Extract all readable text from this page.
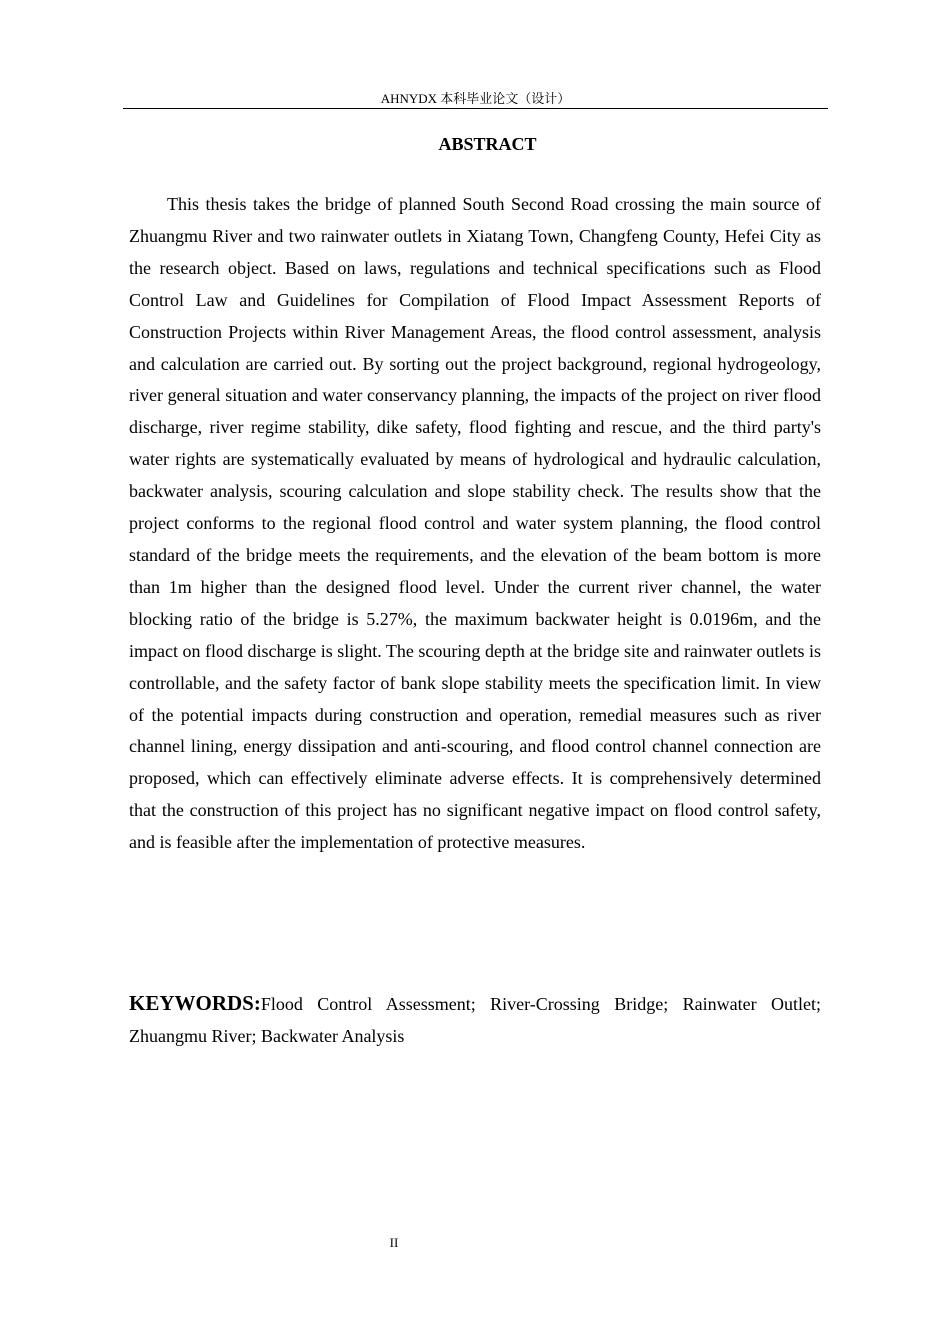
AHNYDX 本科毕业论文（设计）
ABSTRACT

This thesis takes the bridge of planned South Second Road crossing the main source of Zhuangmu River and two rainwater outlets in Xiatang Town, Changfeng County, Hefei City as the research object. Based on laws, regulations and technical specifications such as Flood Control Law and Guidelines for Compilation of Flood Impact Assessment Reports of Construction Projects within River Management Areas, the flood control assessment, analysis and calculation are carried out. By sorting out the project background, regional hydrogeology, river general situation and water conservancy planning, the impacts of the project on river flood discharge, river regime stability, dike safety, flood fighting and rescue, and the third party's water rights are systematically evaluated by means of hydrological and hydraulic calculation, backwater analysis, scouring calculation and slope stability check. The results show that the project conforms to the regional flood control and water system planning, the flood control standard of the bridge meets the requirements, and the elevation of the beam bottom is more than 1m higher than the designed flood level. Under the current river channel, the water blocking ratio of the bridge is 5.27%, the maximum backwater height is 0.0196m, and the impact on flood discharge is slight. The scouring depth at the bridge site and rainwater outlets is controllable, and the safety factor of bank slope stability meets the specification limit. In view of the potential impacts during construction and operation, remedial measures such as river channel lining, energy dissipation and anti-scouring, and flood control channel connection are proposed, which can effectively eliminate adverse effects. It is comprehensively determined that the construction of this project has no significant negative impact on flood control safety, and is feasible after the implementation of protective measures.

KEYWORDS:Flood Control Assessment; River-Crossing Bridge; Rainwater Outlet; Zhuangmu River; Backwater Analysis

II
